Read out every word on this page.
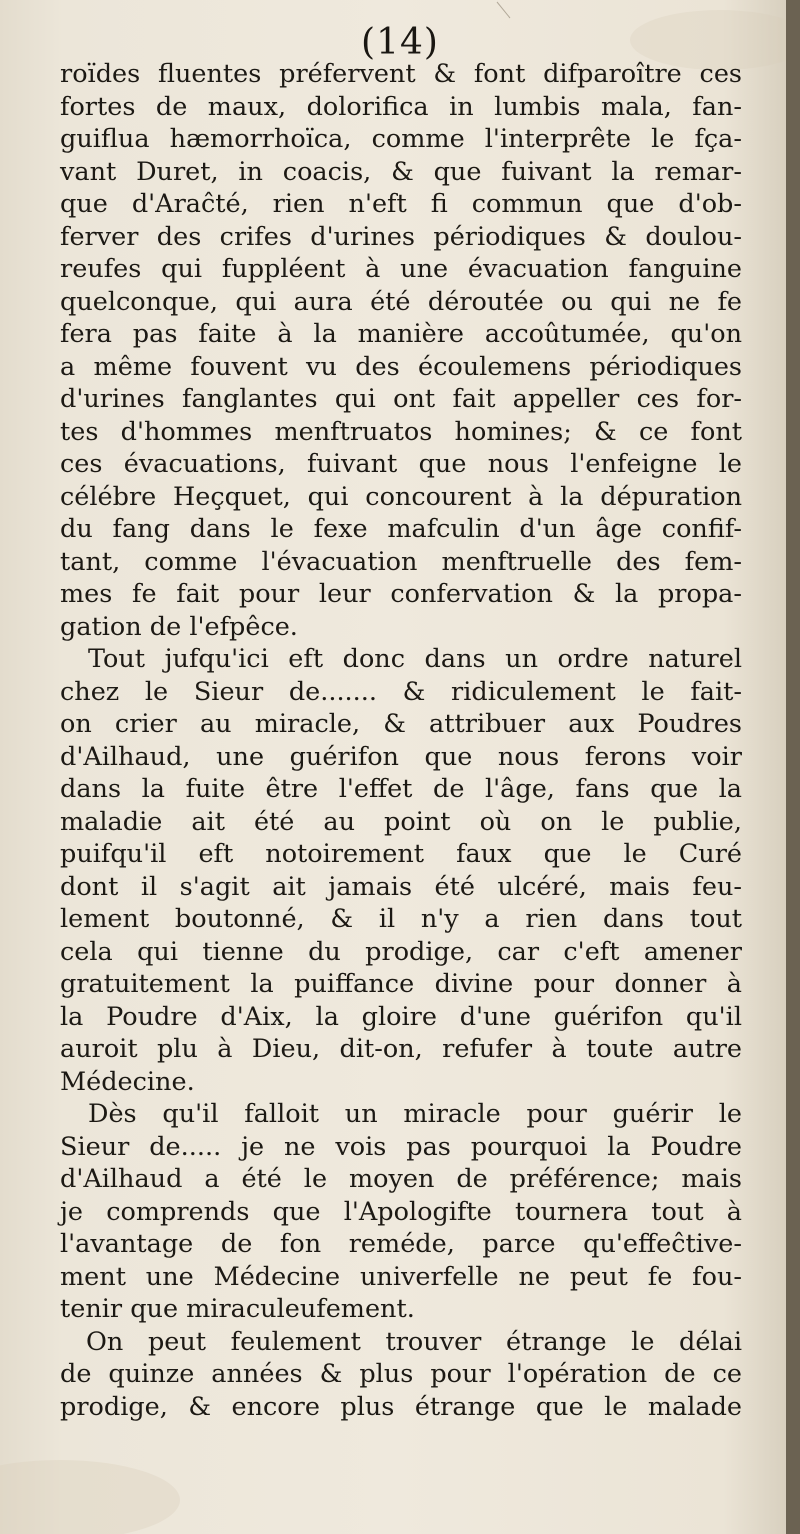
(14)
roïdes fluentes préfervent & font difparoître ces
fortes de maux, dolorifica in lumbis mala, fan-
guiflua hæmorrhoïca, comme l'interprête le fça-
vant Duret, in coacis, & que fuivant la remar-
que d'Araĉté, rien n'eft fi commun que d'ob-
ferver des crifes d'urines périodiques & doulou-
reufes qui fuppléent à une évacuation fanguine
quelconque, qui aura été déroutée ou qui ne fe
fera pas faite à la manière accoûtumée, qu'on
a même fouvent vu des écoulemens périodiques
d'urines fanglantes qui ont fait appeller ces for-
tes d'hommes menftruatos homines; & ce font
ces évacuations, fuivant que nous l'enfeigne le
célébre Heçquet, qui concourent à la dépuration
du fang dans le fexe mafculin d'un âge confif-
tant, comme l'évacuation menftruelle des fem-
mes fe fait pour leur confervation & la propa-
gation de l'efpêce.
Tout jufqu'ici eft donc dans un ordre naturel
chez le Sieur de....... & ridiculement le fait-
on crier au miracle, & attribuer aux Poudres
d'Ailhaud, une guérifon que nous ferons voir
dans la fuite être l'effet de l'âge, fans que la
maladie ait été au point où on le publie,
puifqu'il eft notoirement faux que le Curé
dont il s'agit ait jamais été ulcéré, mais feu-
lement boutonné, & il n'y a rien dans tout
cela qui tienne du prodige, car c'eft amener
gratuitement la puiffance divine pour donner à
la Poudre d'Aix, la gloire d'une guérifon qu'il
auroit plu à Dieu, dit-on, refufer à toute autre
Médecine.
Dès qu'il falloit un miracle pour guérir le
Sieur de..... je ne vois pas pourquoi la Poudre
d'Ailhaud a été le moyen de préférence; mais
je comprends que l'Apologifte tournera tout à
l'avantage de fon reméde, parce qu'effeĉtive-
ment une Médecine univerfelle ne peut fe fou-
tenir que miraculeufement.
On peut feulement trouver étrange le délai
de quinze années & plus pour l'opération de ce
prodige, & encore plus étrange que le malade
